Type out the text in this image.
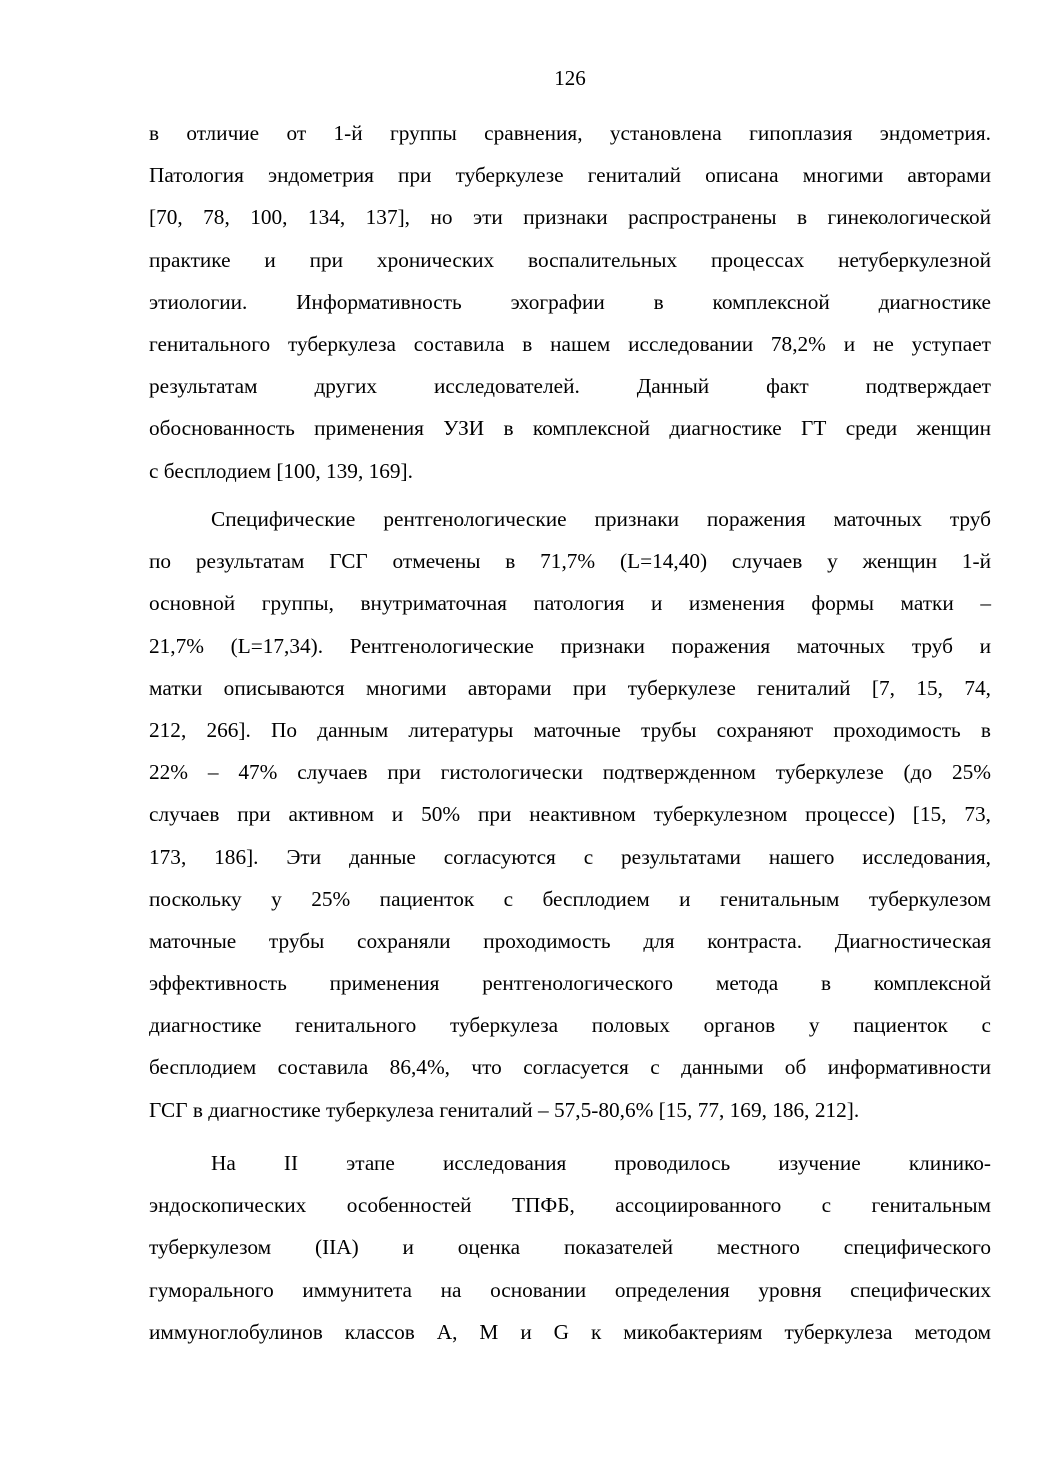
126
в отличие от 1-й группы сравнения, установлена гипоплазия эндометрия.
Патология эндометрия при туберкулезе гениталий описана многими авторами
[70, 78, 100, 134, 137], но эти признаки распространены в гинекологической
практике и при хронических воспалительных процессах нетуберкулезной
этиологии. Информативность эхографии в комплексной диагностике
генитального туберкулеза составила в нашем исследовании 78,2% и не уступает
результатам других исследователей. Данный факт подтверждает
обоснованность применения УЗИ в комплексной диагностике ГТ среди женщин
с бесплодием [100, 139, 169].
Специфические рентгенологические признаки поражения маточных труб
по результатам ГСГ отмечены в 71,7% (L=14,40) случаев у женщин 1-й
основной группы, внутриматочная патология и изменения формы матки –
21,7% (L=17,34). Рентгенологические признаки поражения маточных труб и
матки описываются многими авторами при туберкулезе гениталий [7, 15, 74,
212, 266]. По данным литературы маточные трубы сохраняют проходимость в
22% – 47% случаев при гистологически подтвержденном туберкулезе (до 25%
случаев при активном и 50% при неактивном туберкулезном процессе) [15, 73,
173, 186]. Эти данные согласуются с результатами нашего исследования,
поскольку у 25% пациенток с бесплодием и генитальным туберкулезом
маточные трубы сохраняли проходимость для контраста. Диагностическая
эффективность применения рентгенологического метода в комплексной
диагностике генитального туберкулеза половых органов у пациенток с
бесплодием составила 86,4%, что согласуется с данными об информативности
ГСГ в диагностике туберкулеза гениталий – 57,5-80,6% [15, 77, 169, 186, 212].
На II этапе исследования проводилось изучение клинико-
эндоскопических особенностей ТПФБ, ассоциированного с генитальным
туберкулезом (IIA) и оценка показателей местного специфического
гуморального иммунитета на основании определения уровня специфических
иммуноглобулинов классов A, M и G к микобактериям туберкулеза методом
